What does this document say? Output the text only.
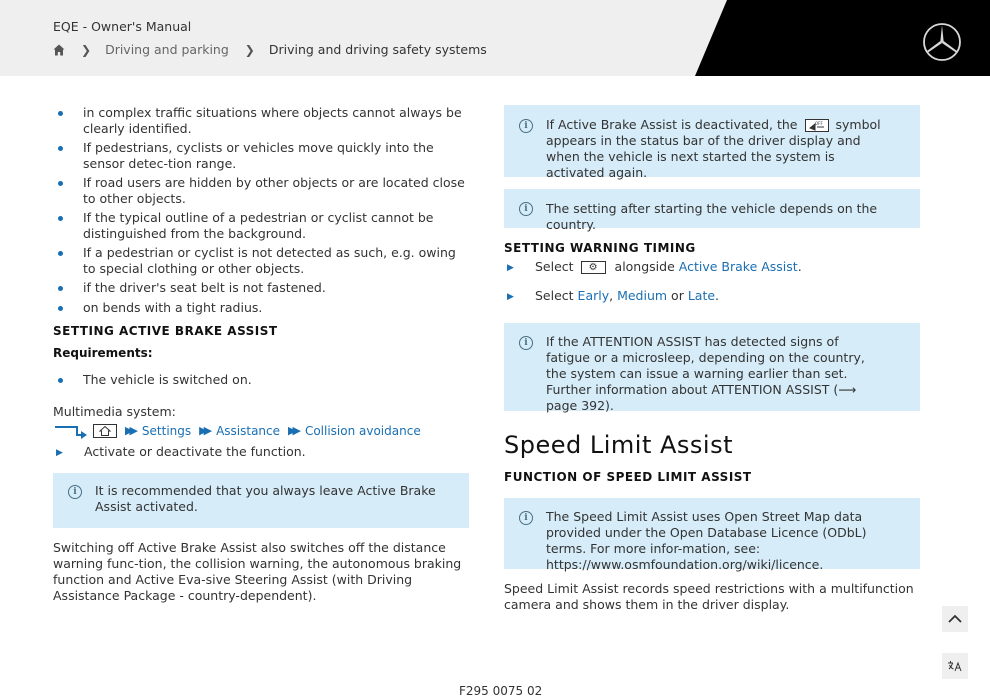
EQE - Owner's Manual
❯ Driving and parking ❯ Driving and driving safety systems
in complex traffic situations where objects cannot always be clearly identified.
If pedestrians, cyclists or vehicles move quickly into the sensor detec-tion range.
If road users are hidden by other objects or are located close to other objects.
If the typical outline of a pedestrian or cyclist cannot be distinguished from the background.
If a pedestrian or cyclist is not detected as such, e.g. owing to special clothing or other objects.
if the driver's seat belt is not fastened.
on bends with a tight radius.
SETTING ACTIVE BRAKE ASSIST
Requirements:
The vehicle is switched on.
Multimedia system:
▶▶ Settings ▶▶ Assistance ▶▶ Collision avoidance
▶	Activate or deactivate the function.
i	It is recommended that you always leave Active Brake Assist activated.
Switching off Active Brake Assist also switches off the distance warning func-tion, the collision warning, the autonomous braking function and Active Eva-sive Steering Assist (with Driving Assistance Package - country-dependent).
i	If Active Brake Assist is deactivated, the	OFF symbol appears in the status bar of the driver display and when the vehicle is next started the system is activated again.
i	The setting after starting the vehicle depends on the country.
SETTING WARNING TIMING
▶	Select ⚙ alongside Active Brake Assist.
▶	Select Early, Medium or Late.
i	If the ATTENTION ASSIST has detected signs of fatigue or a microsleep, depending on the country, the system can issue a warning earlier than set. Further information about ATTENTION ASSIST (⟶ page 392).
Speed Limit Assist
FUNCTION OF SPEED LIMIT ASSIST
i	The Speed Limit Assist uses Open Street Map data provided under the Open Database Licence (ODbL) terms. For more infor-mation, see: https://www.osmfoundation.org/wiki/licence.
Speed Limit Assist records speed restrictions with a multifunction camera and shows them in the driver display.
F295 0075 02
